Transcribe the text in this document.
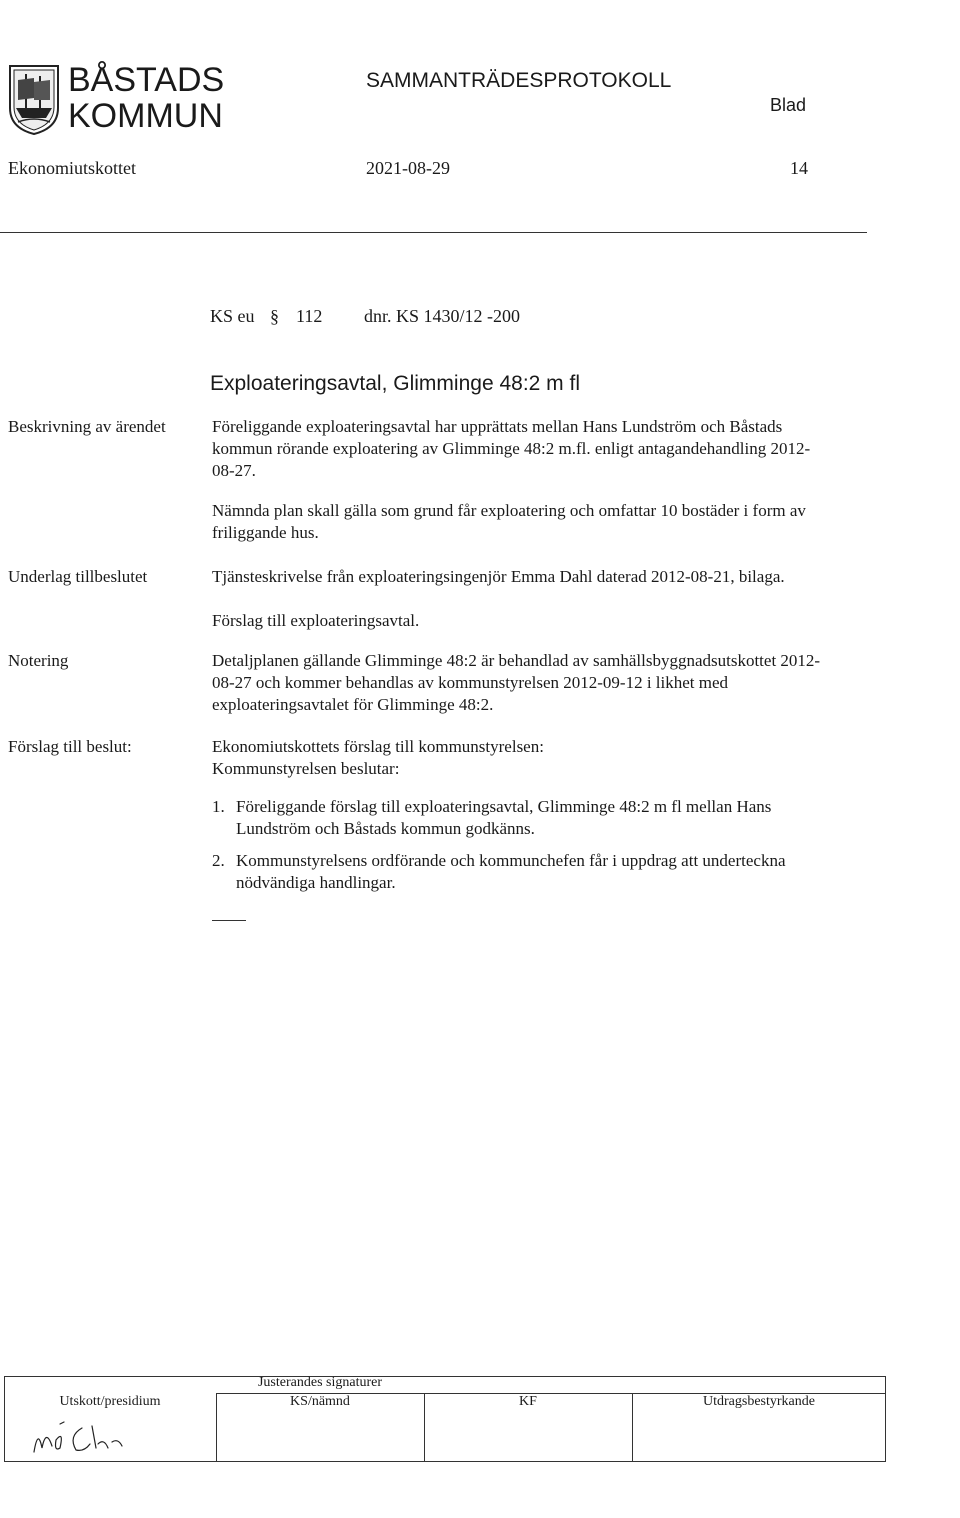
BÅSTADS
KOMMUN
SAMMANTRÄDESPROTOKOLL
Blad
Ekonomiutskottet	2021-08-29	14
KS eu § 112 dnr. KS 1430/12 -200
Exploateringsavtal, Glimminge 48:2 m fl
Beskrivning av ärendet	Föreliggande exploateringsavtal har upprättats mellan Hans Lundström och Båstads kommun rörande exploatering av Glimminge 48:2 m.fl. enligt antagandehandling 2012-08-27.
Nämnda plan skall gälla som grund får exploatering och omfattar 10 bostäder i form av friliggande hus.
Underlag tillbeslutet	Tjänsteskrivelse från exploateringsingenjör Emma Dahl daterad 2012-08-21, bilaga.
Förslag till exploateringsavtal.
Notering	Detaljplanen gällande Glimminge 48:2 är behandlad av samhällsbyggnadsutskottet 2012-08-27 och kommer behandlas av kommunstyrelsen 2012-09-12 i likhet med exploateringsavtalet för Glimminge 48:2.
Förslag till beslut:	Ekonomiutskottets förslag till kommunstyrelsen:
Kommunstyrelsen beslutar:
1. Föreliggande förslag till exploateringsavtal, Glimminge 48:2 m fl mellan Hans Lundström och Båstads kommun godkänns.
2. Kommunstyrelsens ordförande och kommunchefen får i uppdrag att underteckna nödvändiga handlingar.
Justerandes signaturer
Utskott/presidium	KS/nämnd	KF	Utdragsbestyrkande
